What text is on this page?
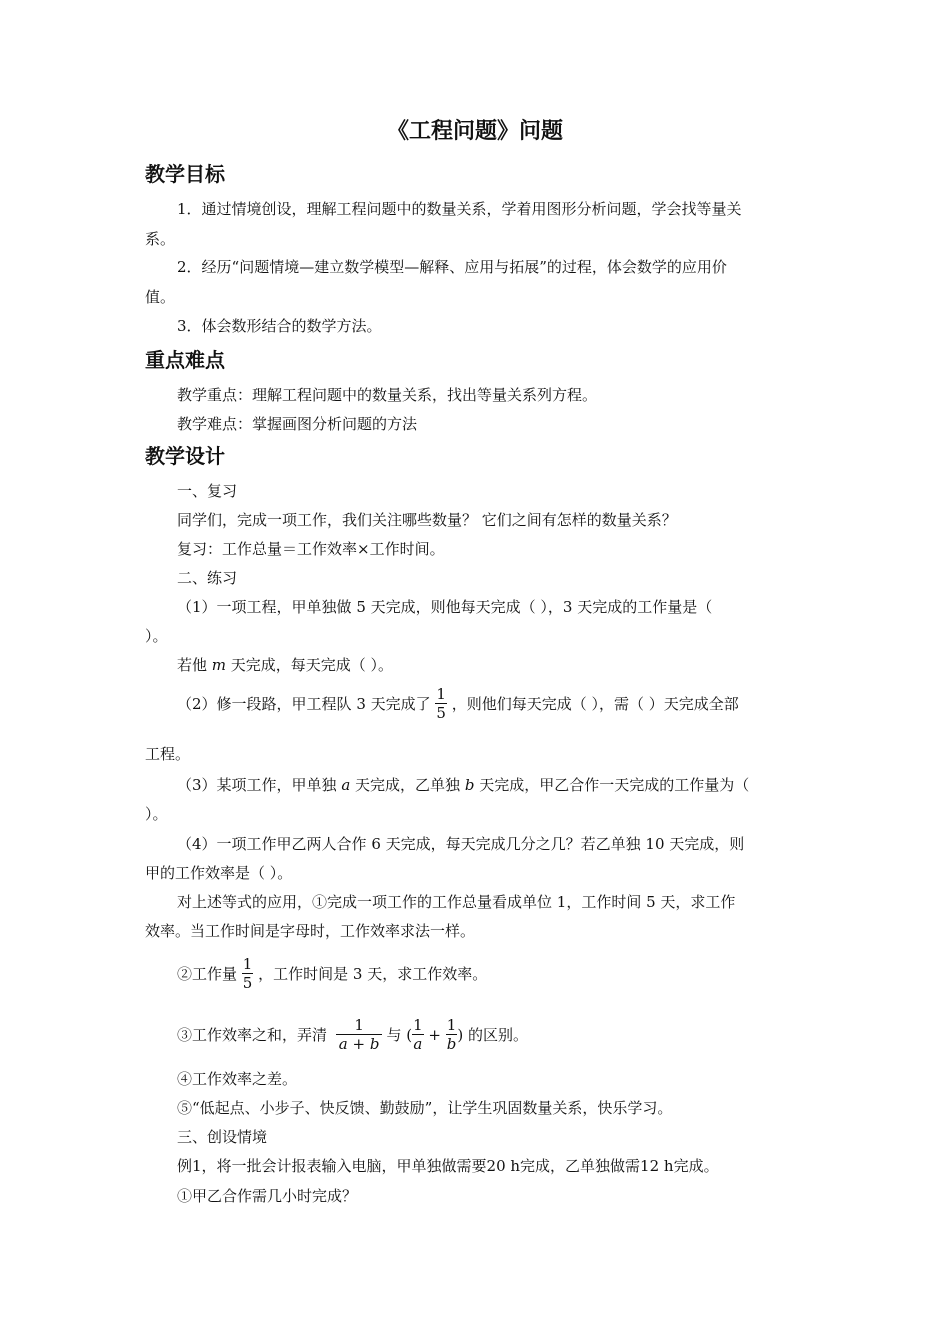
《工程问题》问题
教学目标
1．通过情境创设，理解工程问题中的数量关系，学着用图形分析问题，学会找等量关
系。
2．经历“问题情境—建立数学模型—解释、应用与拓展”的过程，体会数学的应用价
值。
3．体会数形结合的数学方法。
重点难点
教学重点：理解工程问题中的数量关系，找出等量关系列方程。
教学难点：掌握画图分析问题的方法
教学设计
一、复习
同学们，完成一项工作，我们关注哪些数量？ 它们之间有怎样的数量关系？
复习：工作总量＝工作效率×工作时间。
二、练习
（1）一项工程，甲单独做 5 天完成，则他每天完成（ ），3 天完成的工作量是（
）。
若他 m 天完成，每天完成（ ）。
（2）修一段路，甲工程队 3 天完成了 $\frac{1}{5}$ ，则他们每天完成（ ），需（ ）天完成全部
工程。
（3）某项工作，甲单独 a 天完成，乙单独 b 天完成，甲乙合作一天完成的工作量为（
）。
（4）一项工作甲乙两人合作 6 天完成，每天完成几分之几？若乙单独 10 天完成，则
甲的工作效率是（ ）。
对上述等式的应用，①完成一项工作的工作总量看成单位 1，工作时间 5 天，求工作
效率。当工作时间是字母时，工作效率求法一样。
②工作量 $\frac{1}{5}$ ，工作时间是 3 天，求工作效率。
③工作效率之和，弄清 $\frac{1}{a + b}$ 与 ( $\frac{1}{a} + \frac{1}{b}$ ) 的区别。
④工作效率之差。
⑤“低起点、小步子、快反馈、勤鼓励”，让学生巩固数量关系，快乐学习。
三、创设情境
例1，将一批会计报表输入电脑，甲单独做需要20 h完成，乙单独做需12 h完成。
①甲乙合作需几小时完成？
